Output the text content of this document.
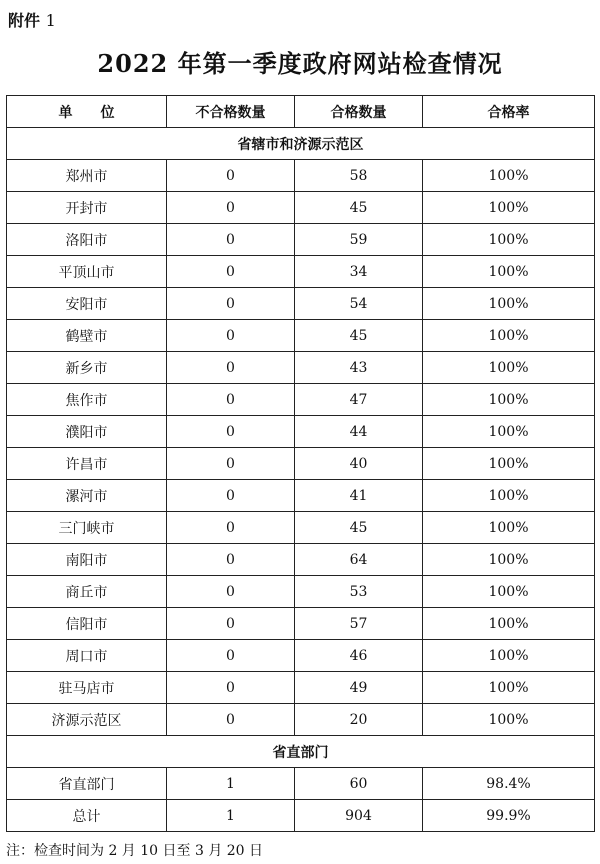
附件 1
2022 年第一季度政府网站检查情况
单　　位	不合格数量	合格数量	合格率
省辖市和济源示范区			
郑州市	0	58	100%
开封市	0	45	100%
洛阳市	0	59	100%
平顶山市	0	34	100%
安阳市	0	54	100%
鹤壁市	0	45	100%
新乡市	0	43	100%
焦作市	0	47	100%
濮阳市	0	44	100%
许昌市	0	40	100%
漯河市	0	41	100%
三门峡市	0	45	100%
南阳市	0	64	100%
商丘市	0	53	100%
信阳市	0	57	100%
周口市	0	46	100%
驻马店市	0	49	100%
济源示范区	0	20	100%
省直部门			
省直部门	1	60	98.4%
总计	1	904	99.9%
注：检查时间为 2 月 10 日至 3 月 20 日
